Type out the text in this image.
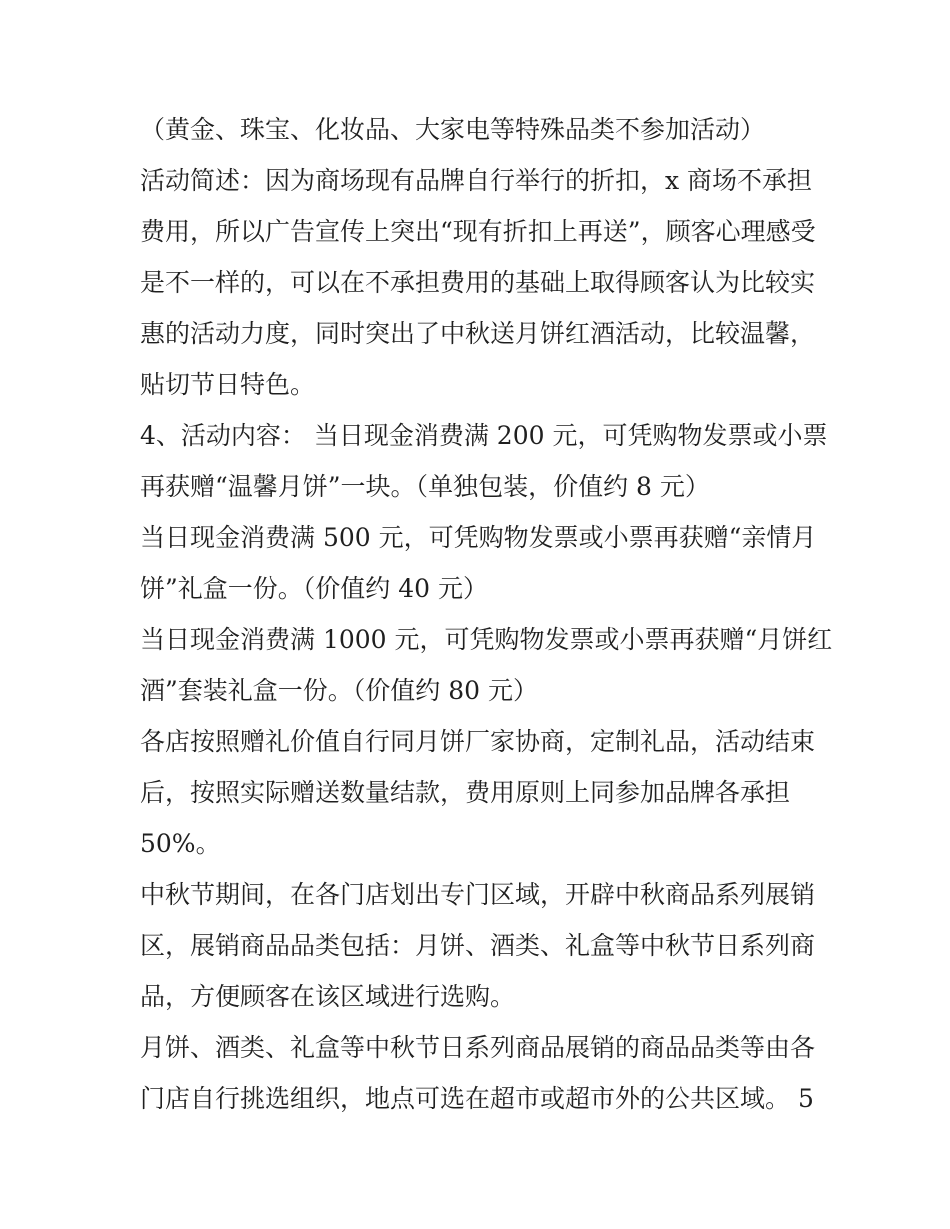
（黄金、珠宝、化妆品、大家电等特殊品类不参加活动）

活动简述：因为商场现有品牌自行举行的折扣，x 商场不承担

费用，所以广告宣传上突出“现有折扣上再送”，顾客心理感受

是不一样的，可以在不承担费用的基础上取得顾客认为比较实

惠的活动力度，同时突出了中秋送月饼红酒活动，比较温馨，

贴切节日特色。

4、活动内容： 当日现金消费满 200 元，可凭购物发票或小票

再获赠“温馨月饼”一块。（单独包装，价值约 8 元）

当日现金消费满 500 元，可凭购物发票或小票再获赠“亲情月

饼”礼盒一份。（价值约 40 元）

当日现金消费满 1000 元，可凭购物发票或小票再获赠“月饼红

酒”套装礼盒一份。（价值约 80 元）

各店按照赠礼价值自行同月饼厂家协商，定制礼品，活动结束

后，按照实际赠送数量结款，费用原则上同参加品牌各承担

50%。

中秋节期间，在各门店划出专门区域，开辟中秋商品系列展销

区，展销商品品类包括：月饼、酒类、礼盒等中秋节日系列商

品，方便顾客在该区域进行选购。

月饼、酒类、礼盒等中秋节日系列商品展销的商品品类等由各

门店自行挑选组织，地点可选在超市或超市外的公共区域。 5
